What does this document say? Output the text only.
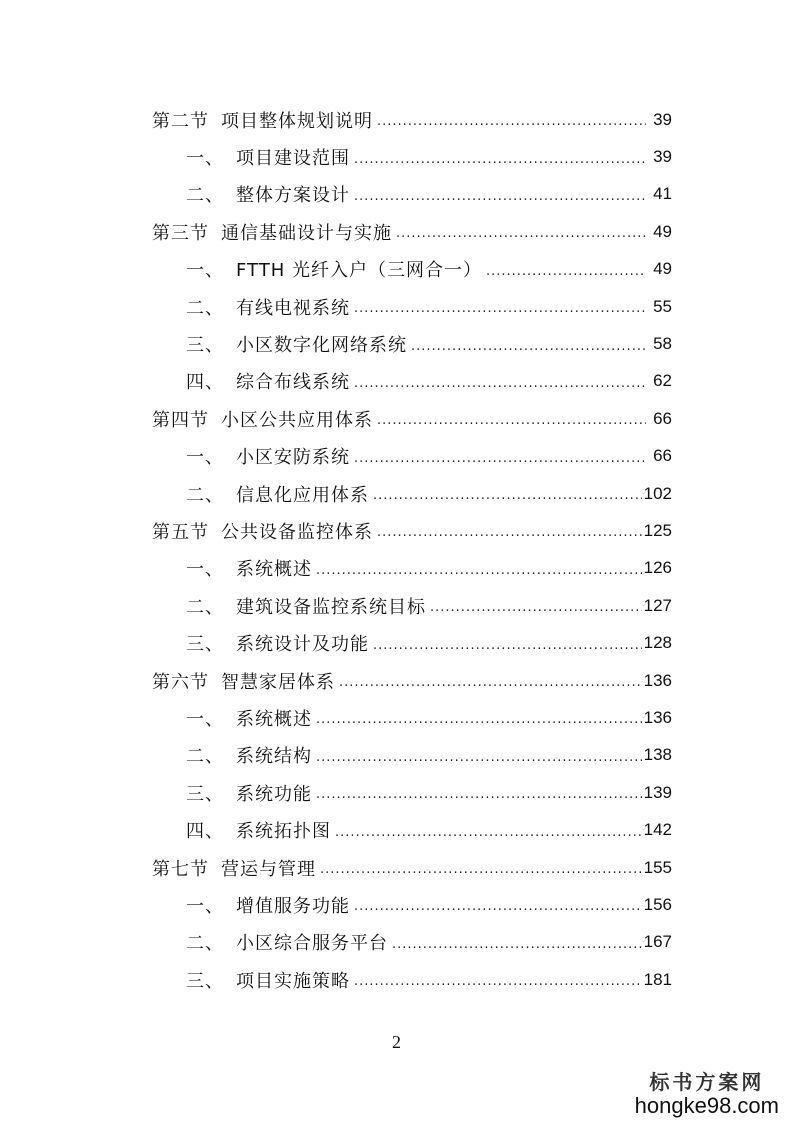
第二节 项目整体规划说明 .....	39
一、 项目建设范围 .....	39
二、 整体方案设计 .....	41
第三节 通信基础设计与实施 .....	49
一、 FTTH 光纤入户（三网合一） .....	49
二、 有线电视系统 .....	55
三、 小区数字化网络系统 .....	58
四、 综合布线系统 .....	62
第四节 小区公共应用体系 .....	66
一、 小区安防系统 .....	66
二、 信息化应用体系 .....	102
第五节 公共设备监控体系 .....	125
一、 系统概述 .....	126
二、 建筑设备监控系统目标 .....	127
三、 系统设计及功能 .....	128
第六节 智慧家居体系 .....	136
一、 系统概述 .....	136
二、 系统结构 .....	138
三、 系统功能 .....	139
四、 系统拓扑图 .....	142
第七节 营运与管理 .....	155
一、 增值服务功能 .....	156
二、 小区综合服务平台 .....	167
三、 项目实施策略 .....	181
2
标书方案网
hongke98.com
